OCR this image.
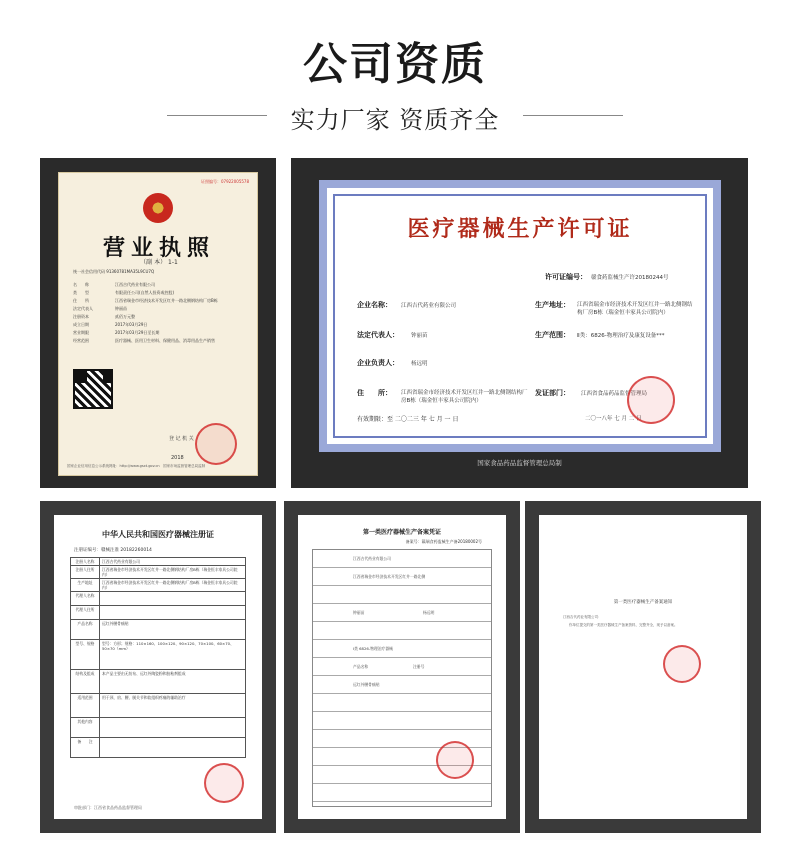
公司资质
实力厂家 资质齐全
证照编号：07922005578
营业执照
（副 本） 1-1
统一社会信用代码 91360781MA35L9CU7Q
名　　称	江西吉代药业有限公司
类　　型	有限责任公司(自然人投资或控股)
住　　所	江西省瑞金市经济技术开发区红井一路北侧钢结构厂房B栋
法定代表人	钟丽苗
注册资本	贰佰万元整
成立日期	2017年03月29日
营业期限	2017年03月29日至长期
经营范围	医疗器械、医用卫生材料、保健用品、消毒用品生产销售
登 记 机 关
2018
国家企业信用信息公示系统网址：http://www.gsxt.gov.cn　国家市场监督管理总局监制
医疗器械生产许可证
许可证编号： 赣食药监械生产许20180244号
企业名称： 江西吉代药业有限公司	生产地址： 江西省瑞金市经济技术开发区红井一路北侧钢结构厂房B栋（瑞金恒丰家具公司院内）
法定代表人： 钟丽苗	生产范围： Ⅱ类：6826-物理治疗及康复设备***
企业负责人： 杨远明
住　　所： 江西省瑞金市经济技术开发区红井一路北侧钢结构厂房B栋（瑞金恒丰家具公司院内）
发证部门： 江西省食品药品监督管理局
有效期限：至 二〇二三 年 七 月 一 日	二〇一八年 七 月 二 日
国家食品药品监督管理总局制
中华人民共和国医疗器械注册证
注册证编号：赣械注准 20182260014
注册人名称	江西吉代药业有限公司
注册人住所	江西省瑞金市经济技术开发区红井一路北侧钢结构厂房B栋（瑞金恒丰家具公司院内）
生产地址	江西省瑞金市经济技术开发区红井一路北侧钢结构厂房B栋（瑞金恒丰家具公司院内）
代理人名称	
代理人住所	
产品名称	远红外腰骨痛贴
型号、规格	型号：方形；规格：110×160、100×120、90×120、70×100、60×70、50×70（mm）
结构及组成	本产品主要由无纺布、远红外陶瓷粉和胶粘剂组成
适用范围	用于颈、肩、腰、腿关节和软组织疼痛的辅助治疗
其他内容	
备　　注	
审批部门：江西省食品药品监督管理局
第一类医疗器械生产备案凭证
备案号：赣瑞食药监械生产备20180002号
江西吉代药业有限公司
江西省瑞金市经济技术开发区红井一路北侧
钟丽苗	杨远明
Ⅰ类 6826-物理治疗器械
产品名称	注册号
远红外腰骨痛贴
第一类医疗器械生产备案通知
江西吉代药业有限公司：
你单位提交的第一类医疗器械生产备案资料，完整齐全，现予以备案。
